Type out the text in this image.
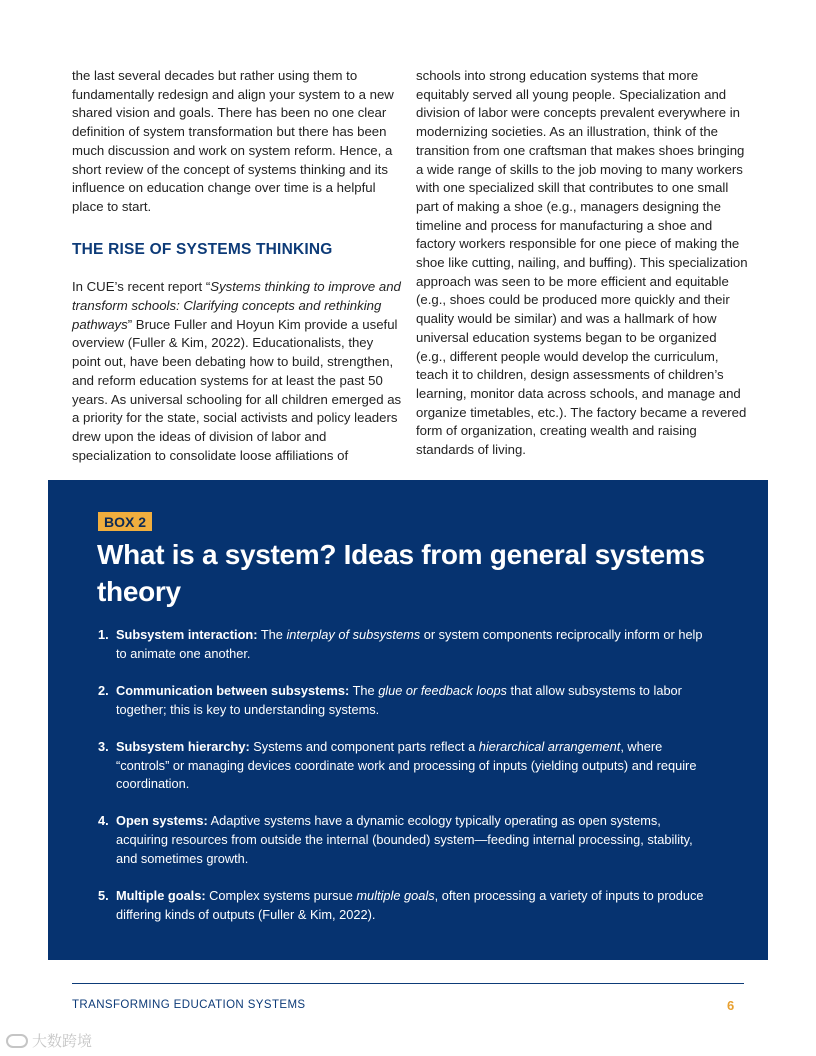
the last several decades but rather using them to fundamentally redesign and align your system to a new shared vision and goals. There has been no one clear definition of system transformation but there has been much discussion and work on system reform. Hence, a short review of the concept of systems thinking and its influence on education change over time is a helpful place to start.

THE RISE OF SYSTEMS THINKING

In CUE’s recent report “Systems thinking to improve and transform schools: Clarifying concepts and rethinking pathways” Bruce Fuller and Hoyun Kim provide a useful overview (Fuller & Kim, 2022). Educationalists, they point out, have been debating how to build, strengthen, and reform education systems for at least the past 50 years. As universal schooling for all children emerged as a priority for the state, social activists and policy leaders drew upon the ideas of division of labor and specialization to consolidate loose affiliations of

schools into strong education systems that more equitably served all young people. Specialization and division of labor were concepts prevalent everywhere in modernizing societies. As an illustration, think of the transition from one craftsman that makes shoes bringing a wide range of skills to the job moving to many workers with one specialized skill that contributes to one small part of making a shoe (e.g., managers designing the timeline and process for manufacturing a shoe and factory workers responsible for one piece of making the shoe like cutting, nailing, and buffing). This specialization approach was seen to be more efficient and equitable (e.g., shoes could be produced more quickly and their quality would be similar) and was a hallmark of how universal education systems began to be organized (e.g., different people would develop the curriculum, teach it to children, design assessments of children’s learning, monitor data across schools, and manage and organize timetables, etc.). The factory became a revered form of organization, creating wealth and raising standards of living.

BOX 2
What is a system? Ideas from general systems theory
1. Subsystem interaction: The interplay of subsystems or system components reciprocally inform or help to animate one another.
2. Communication between subsystems: The glue or feedback loops that allow subsystems to labor together; this is key to understanding systems.
3. Subsystem hierarchy: Systems and component parts reflect a hierarchical arrangement, where “controls” or managing devices coordinate work and processing of inputs (yielding outputs) and require coordination.
4. Open systems: Adaptive systems have a dynamic ecology typically operating as open systems, acquiring resources from outside the internal (bounded) system—feeding internal processing, stability, and sometimes growth.
5. Multiple goals: Complex systems pursue multiple goals, often processing a variety of inputs to produce differing kinds of outputs (Fuller & Kim, 2022).
TRANSFORMING EDUCATION SYSTEMS	6
大数跨境
